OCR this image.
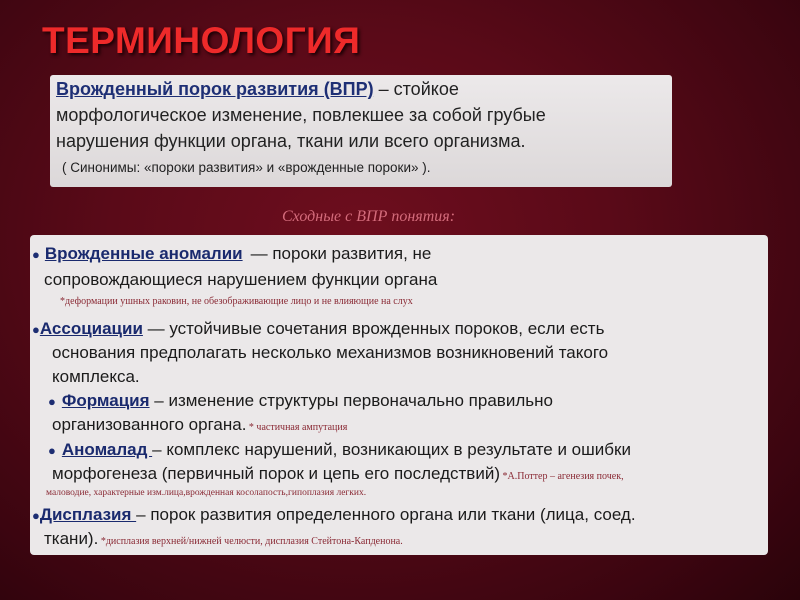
ТЕРМИНОЛОГИЯ
Врожденный порок развития (ВПР) – стойкое
морфологическое изменение, повлекшее за собой грубые
нарушения функции органа, ткани или всего организма.
( Синонимы: «пороки развития» и «врожденные пороки» ).
Сходные с ВПР понятия:
● Врожденные аномалии — пороки развития, не
сопровождающиеся нарушением функции органа
*деформации ушных раковин, не обезображивающие лицо и не влияющие на слух
●Ассоциации — устойчивые сочетания врожденных пороков, если есть
основания предполагать несколько механизмов возникновений такого
комплекса.
● Формация – изменение структуры первоначально правильно
организованного органа. * частичная ампутация
● Аномалад – комплекс нарушений, возникающих в результате и ошибки
морфогенеза (первичный порок и цепь его последствий) *А.Поттер – агенезия почек,
маловодие, характерные изм.лица,врожденная косолапость,гипоплазия легких.
●Дисплазия – порок развития определенного органа или ткани (лица, соед.
ткани). *дисплазия верхней/нижней челюсти, дисплазия Стейтона-Капденона.
